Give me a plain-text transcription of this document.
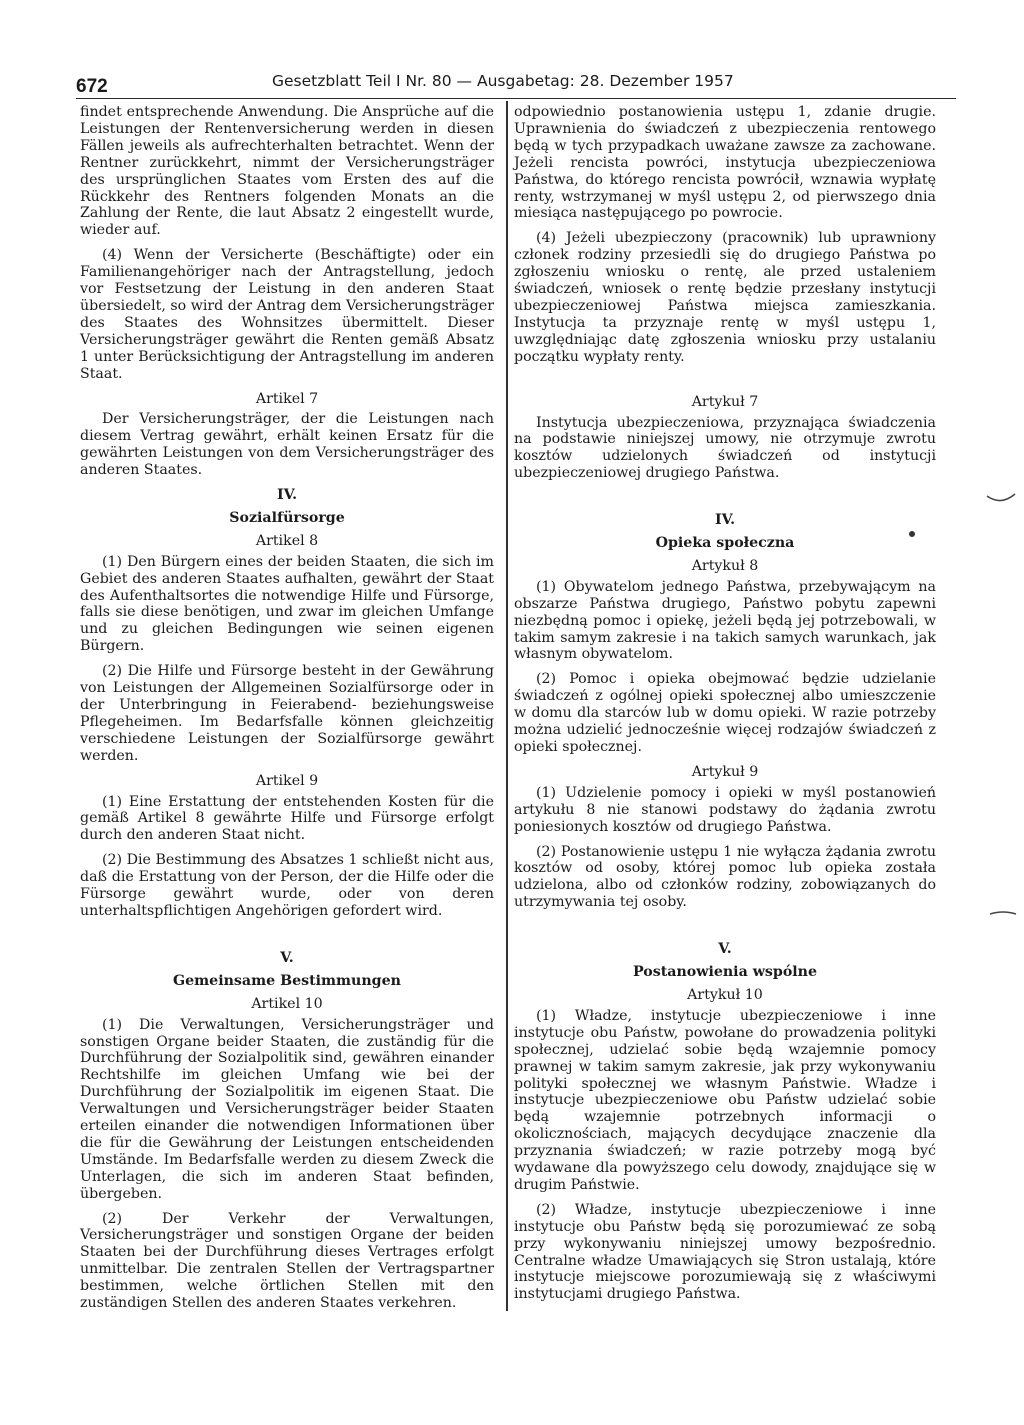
672	Gesetzblatt Teil I Nr. 80 — Ausgabetag: 28. Dezember 1957

findet entsprechende Anwendung. Die Ansprüche auf die Leistungen der Rentenversicherung werden in diesen Fällen jeweils als aufrechterhalten betrachtet. Wenn der Rentner zurückkehrt, nimmt der Versicherungsträger des ursprünglichen Staates vom Ersten des auf die Rückkehr des Rentners folgenden Monats an die Zahlung der Rente, die laut Absatz 2 eingestellt wurde, wieder auf.

(4) Wenn der Versicherte (Beschäftigte) oder ein Familienangehöriger nach der Antragstellung, jedoch vor Festsetzung der Leistung in den anderen Staat übersiedelt, so wird der Antrag dem Versicherungsträger des Staates des Wohnsitzes übermittelt. Dieser Versicherungsträger gewährt die Renten gemäß Absatz 1 unter Berücksichtigung der Antragstellung im anderen Staat.

Artikel 7

Der Versicherungsträger, der die Leistungen nach diesem Vertrag gewährt, erhält keinen Ersatz für die gewährten Leistungen von dem Versicherungsträger des anderen Staates.

IV.
Sozialfürsorge
Artikel 8

(1) Den Bürgern eines der beiden Staaten, die sich im Gebiet des anderen Staates aufhalten, gewährt der Staat des Aufenthaltsortes die notwendige Hilfe und Fürsorge, falls sie diese benötigen, und zwar im gleichen Umfange und zu gleichen Bedingungen wie seinen eigenen Bürgern.

(2) Die Hilfe und Fürsorge besteht in der Gewährung von Leistungen der Allgemeinen Sozialfürsorge oder in der Unterbringung in Feierabend- beziehungsweise Pflegeheimen. Im Bedarfsfalle können gleichzeitig verschiedene Leistungen der Sozialfürsorge gewährt werden.

Artikel 9

(1) Eine Erstattung der entstehenden Kosten für die gemäß Artikel 8 gewährte Hilfe und Fürsorge erfolgt durch den anderen Staat nicht.

(2) Die Bestimmung des Absatzes 1 schließt nicht aus, daß die Erstattung von der Person, der die Hilfe oder die Fürsorge gewährt wurde, oder von deren unterhaltspflichtigen Angehörigen gefordert wird.

V.
Gemeinsame Bestimmungen
Artikel 10

(1) Die Verwaltungen, Versicherungsträger und sonstigen Organe beider Staaten, die zuständig für die Durchführung der Sozialpolitik sind, gewähren einander Rechtshilfe im gleichen Umfang wie bei der Durchführung der Sozialpolitik im eigenen Staat. Die Verwaltungen und Versicherungsträger beider Staaten erteilen einander die notwendigen Informationen über die für die Gewährung der Leistungen entscheidenden Umstände. Im Bedarfsfalle werden zu diesem Zweck die Unterlagen, die sich im anderen Staat befinden, übergeben.

(2) Der Verkehr der Verwaltungen, Versicherungsträger und sonstigen Organe der beiden Staaten bei der Durchführung dieses Vertrages erfolgt unmittelbar. Die zentralen Stellen der Vertragspartner bestimmen, welche örtlichen Stellen mit den zuständigen Stellen des anderen Staates verkehren.

odpowiednio postanowienia ustępu 1, zdanie drugie. Uprawnienia do świadczeń z ubezpieczenia rentowego będą w tych przypadkach uważane zawsze za zachowane. Jeżeli rencista powróci, instytucja ubezpieczeniowa Państwa, do którego rencista powrócił, wznawia wypłatę renty, wstrzymanej w myśl ustępu 2, od pierwszego dnia miesiąca następującego po powrocie.

(4) Jeżeli ubezpieczony (pracownik) lub uprawniony członek rodziny przesiedli się do drugiego Państwa po zgłoszeniu wniosku o rentę, ale przed ustaleniem świadczeń, wniosek o rentę będzie przesłany instytucji ubezpieczeniowej Państwa miejsca zamieszkania. Instytucja ta przyznaje rentę w myśl ustępu 1, uwzględniając datę zgłoszenia wniosku przy ustalaniu początku wypłaty renty.

Artykuł 7

Instytucja ubezpieczeniowa, przyznająca świadczenia na podstawie niniejszej umowy, nie otrzymuje zwrotu kosztów udzielonych świadczeń od instytucji ubezpieczeniowej drugiego Państwa.

IV.
Opieka społeczna
Artykuł 8

(1) Obywatelom jednego Państwa, przebywającym na obszarze Państwa drugiego, Państwo pobytu zapewni niezbędną pomoc i opiekę, jeżeli będą jej potrzebowali, w takim samym zakresie i na takich samych warunkach, jak własnym obywatelom.

(2) Pomoc i opieka obejmować będzie udzielanie świadczeń z ogólnej opieki społecznej albo umieszczenie w domu dla starców lub w domu opieki. W razie potrzeby można udzielić jednocześnie więcej rodzajów świadczeń z opieki społecznej.

Artykuł 9

(1) Udzielenie pomocy i opieki w myśl postanowień artykułu 8 nie stanowi podstawy do żądania zwrotu poniesionych kosztów od drugiego Państwa.

(2) Postanowienie ustępu 1 nie wyłącza żądania zwrotu kosztów od osoby, której pomoc lub opieka została udzielona, albo od członków rodziny, zobowiązanych do utrzymywania tej osoby.

V.
Postanowienia wspólne
Artykuł 10

(1) Władze, instytucje ubezpieczeniowe i inne instytucje obu Państw, powołane do prowadzenia polityki społecznej, udzielać sobie będą wzajemnie pomocy prawnej w takim samym zakresie, jak przy wykonywaniu polityki społecznej we własnym Państwie. Władze i instytucje ubezpieczeniowe obu Państw udzielać sobie będą wzajemnie potrzebnych informacji o okolicznościach, mających decydujące znaczenie dla przyznania świadczeń; w razie potrzeby mogą być wydawane dla powyższego celu dowody, znajdujące się w drugim Państwie.

(2) Władze, instytucje ubezpieczeniowe i inne instytucje obu Państw będą się porozumiewać ze sobą przy wykonywaniu niniejszej umowy bezpośrednio. Centralne władze Umawiających się Stron ustalają, które instytucje miejscowe porozumiewają się z właściwymi instytucjami drugiego Państwa.
